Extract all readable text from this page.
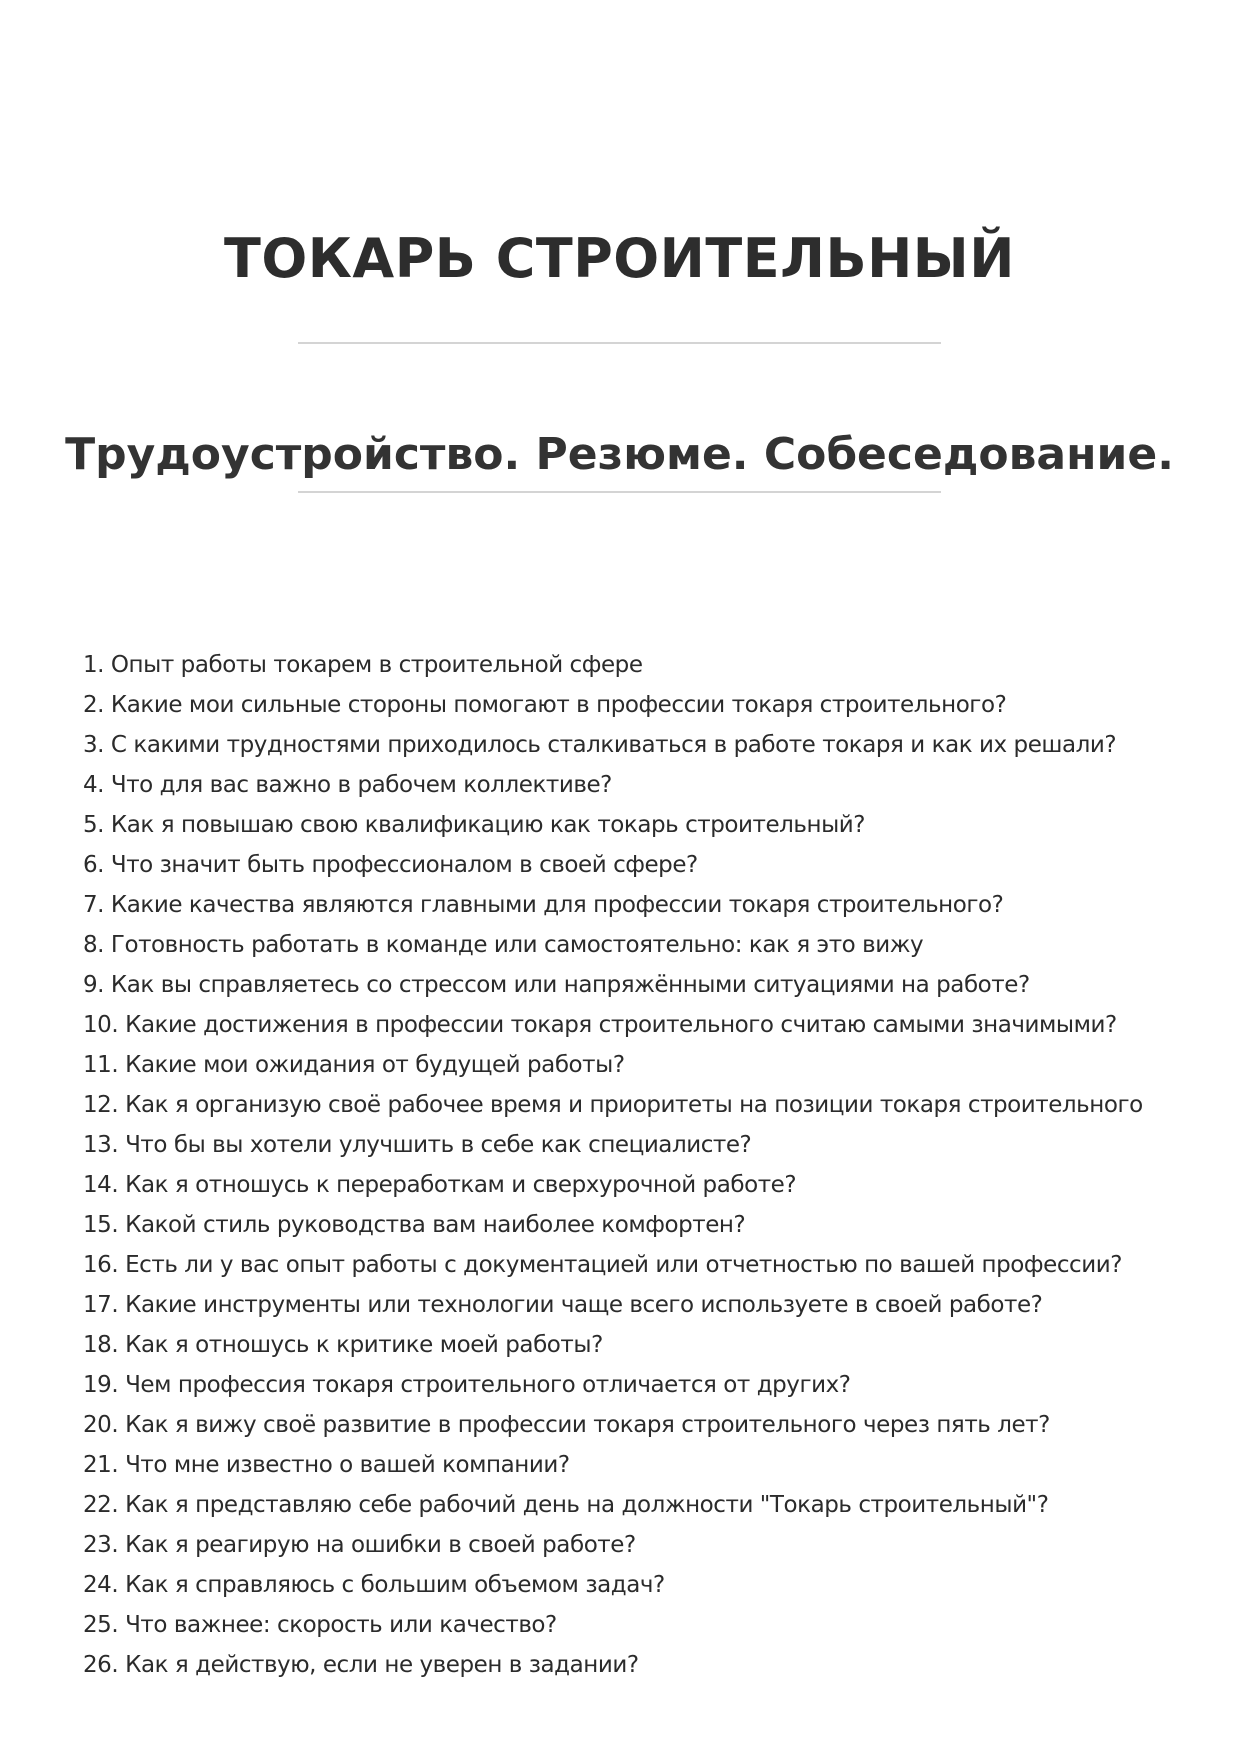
ТОКАРЬ СТРОИТЕЛЬНЫЙ
Трудоустройство. Резюме. Собеседование.
1. Опыт работы токарем в строительной сфере
2. Какие мои сильные стороны помогают в профессии токаря строительного?
3. С какими трудностями приходилось сталкиваться в работе токаря и как их решали?
4. Что для вас важно в рабочем коллективе?
5. Как я повышаю свою квалификацию как токарь строительный?
6. Что значит быть профессионалом в своей сфере?
7. Какие качества являются главными для профессии токаря строительного?
8. Готовность работать в команде или самостоятельно: как я это вижу
9. Как вы справляетесь со стрессом или напряжёнными ситуациями на работе?
10. Какие достижения в профессии токаря строительного считаю самыми значимыми?
11. Какие мои ожидания от будущей работы?
12. Как я организую своё рабочее время и приоритеты на позиции токаря строительного
13. Что бы вы хотели улучшить в себе как специалисте?
14. Как я отношусь к переработкам и сверхурочной работе?
15. Какой стиль руководства вам наиболее комфортен?
16. Есть ли у вас опыт работы с документацией или отчетностью по вашей профессии?
17. Какие инструменты или технологии чаще всего используете в своей работе?
18. Как я отношусь к критике моей работы?
19. Чем профессия токаря строительного отличается от других?
20. Как я вижу своё развитие в профессии токаря строительного через пять лет?
21. Что мне известно о вашей компании?
22. Как я представляю себе рабочий день на должности "Токарь строительный"?
23. Как я реагирую на ошибки в своей работе?
24. Как я справляюсь с большим объемом задач?
25. Что важнее: скорость или качество?
26. Как я действую, если не уверен в задании?
